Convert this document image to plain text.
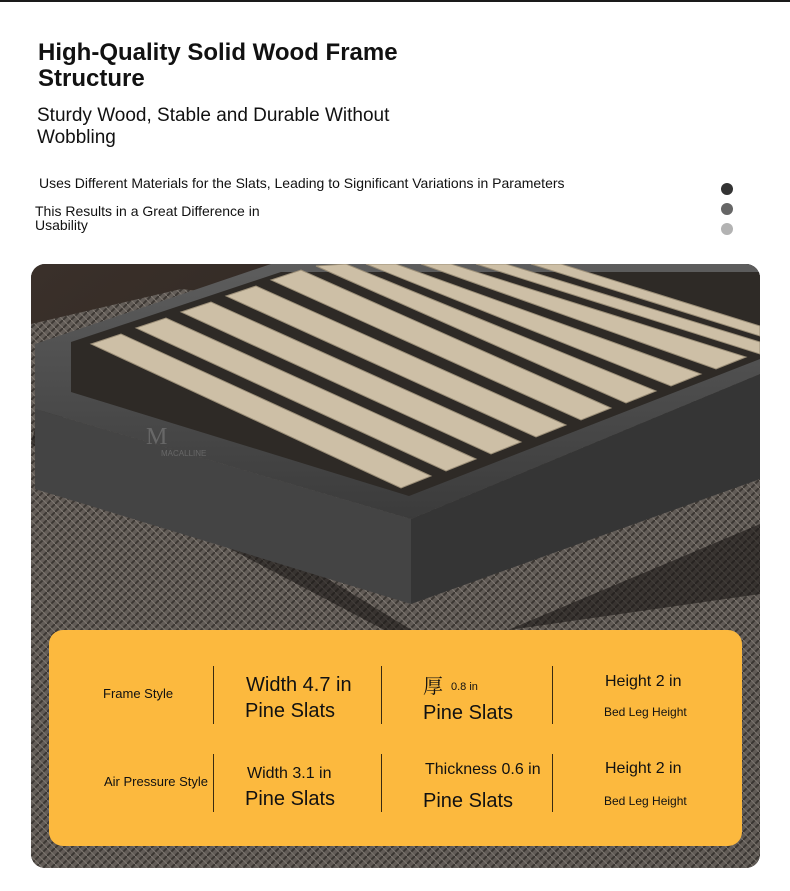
High-Quality Solid Wood Frame Structure
Sturdy Wood, Stable and Durable Without Wobbling
Uses Different Materials for the Slats, Leading to Significant Variations in Parameters
This Results in a Great Difference in Usability
M
MACALLINE
Frame Style	Width 4.7 in
Pine Slats
厚 0.8 in
Pine Slats
Height 2 in
Bed Leg Height
Air Pressure Style Width 3.1 in
Pine Slats
Thickness 0.6 in
Pine Slats
Height 2 in
Bed Leg Height
